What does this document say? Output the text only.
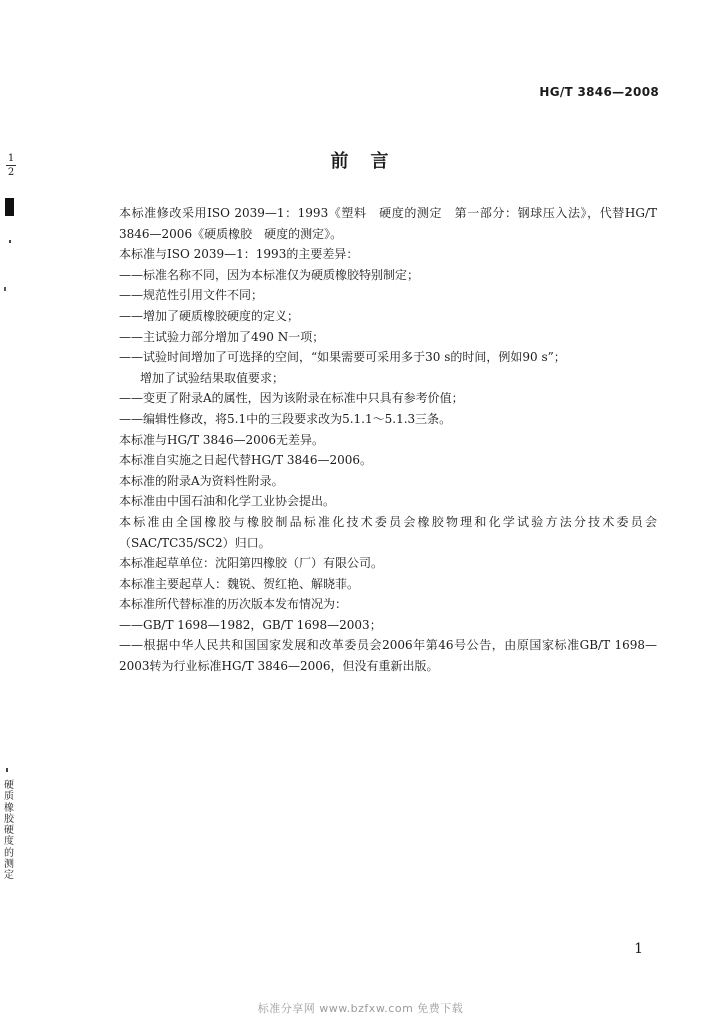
HG/T 3846—2008
1
2
硬质橡胶硬度的测定
前言

本标准修改采用ISO 2039—1：1993《塑料　硬度的测定　第一部分：钢球压入法》，代替HG/T 3846—2006《硬质橡胶　硬度的测定》。

本标准与ISO 2039—1：1993的主要差异：

——标准名称不同，因为本标准仅为硬质橡胶特别制定；

——规范性引用文件不同；

——增加了硬质橡胶硬度的定义；

——主试验力部分增加了490 N一项；

——试验时间增加了可选择的空间，“如果需要可采用多于30 s的时间，例如90 s”；

增加了试验结果取值要求；

——变更了附录A的属性，因为该附录在标准中只具有参考价值；

——编辑性修改，将5.1中的三段要求改为5.1.1～5.1.3三条。

本标准与HG/T 3846—2006无差异。

本标准自实施之日起代替HG/T 3846—2006。

本标准的附录A为资料性附录。

本标准由中国石油和化学工业协会提出。

本标准由全国橡胶与橡胶制品标准化技术委员会橡胶物理和化学试验方法分技术委员会（SAC/TC35/SC2）归口。

本标准起草单位：沈阳第四橡胶（厂）有限公司。

本标准主要起草人：魏锐、贺红艳、解晓菲。

本标准所代替标准的历次版本发布情况为：

——GB/T 1698—1982，GB/T 1698—2003；

——根据中华人民共和国国家发展和改革委员会2006年第46号公告，由原国家标准GB/T 1698—2003转为行业标准HG/T 3846—2006，但没有重新出版。

1
标准分享网 www.bzfxw.com 免费下载
